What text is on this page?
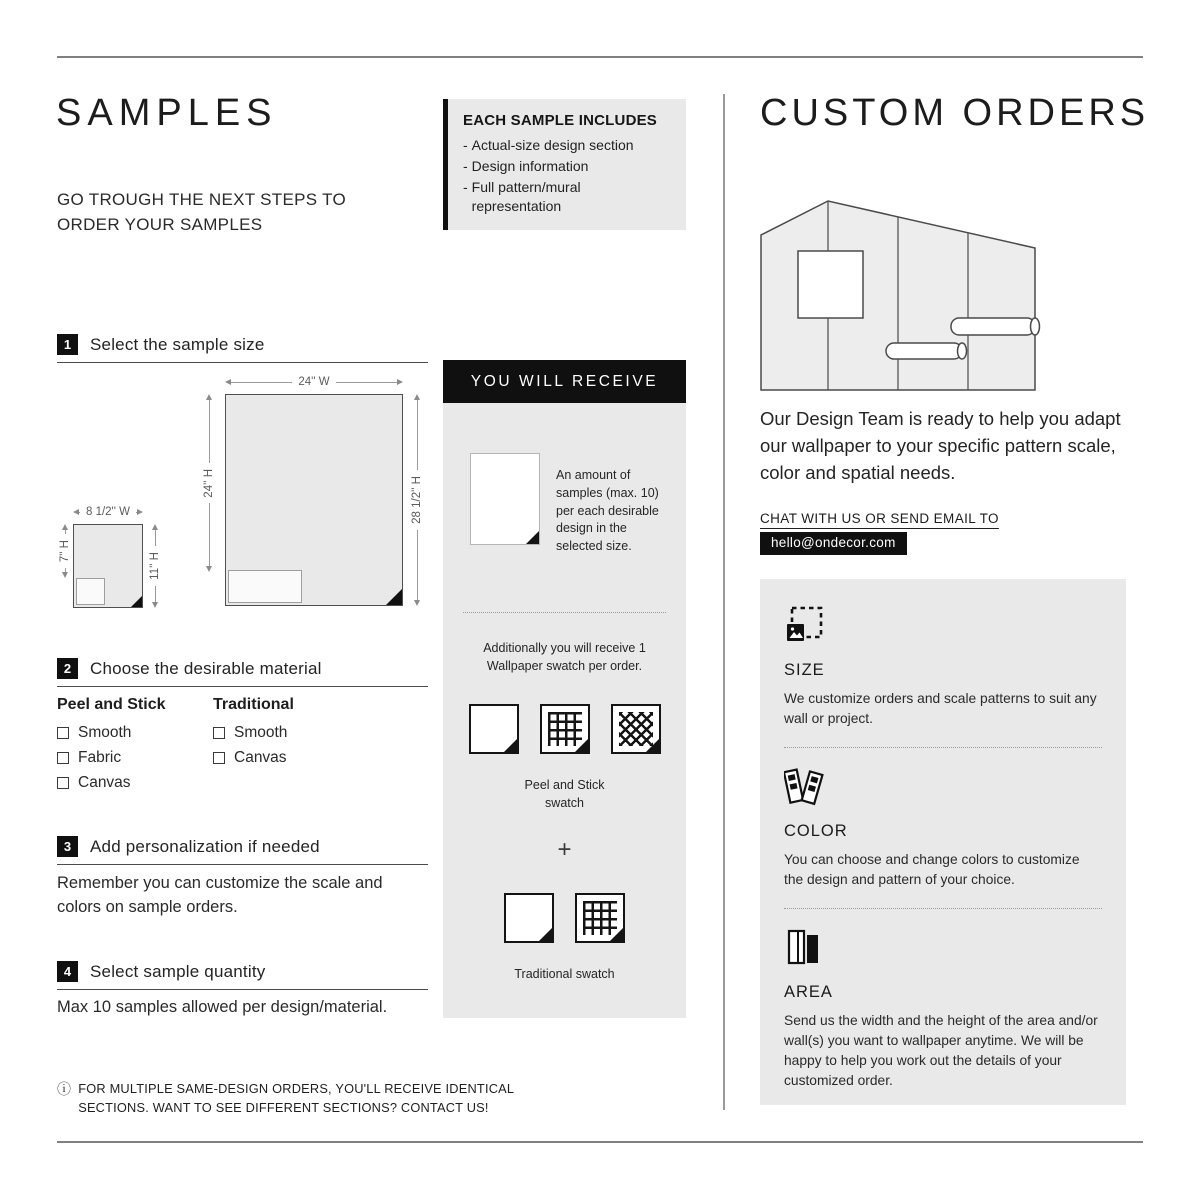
SAMPLES

GO TROUGH THE NEXT STEPS TO ORDER YOUR SAMPLES

1	Select the sample size
24'' W
24'' H	28 1/2'' H
8 1/2'' W
7'' H
11'' H
2	Choose the desirable material
Peel and Stick
Smooth
Fabric
Canvas
Traditional
Smooth
Canvas
3	Add personalization if needed

Remember you can customize the scale and colors on sample orders.

4	Select sample quantity

Max 10 samples allowed per design/material.

ⓘ FOR MULTIPLE SAME-DESIGN ORDERS, YOU'LL RECEIVE IDENTICAL SECTIONS. WANT TO SEE DIFFERENT SECTIONS? CONTACT US!
EACH SAMPLE INCLUDES
- Actual-size design section
- Design information
- Full pattern/mural representation
YOU WILL RECEIVE

An amount of samples (max. 10) per each desirable design in the selected size.

Additionally you will receive 1 Wallpaper swatch per order.

Peel and Stick swatch

+

Traditional swatch

CUSTOM ORDERS

Our Design Team is ready to help you adapt our wallpaper to your specific pattern scale, color and spatial needs.

CHAT WITH US OR SEND EMAIL TO
hello@ondecor.com
SIZE

We customize orders and scale patterns to suit any wall or project.

COLOR

You can choose and change colors to customize the design and pattern of your choice.

AREA

Send us the width and the height of the area and/or wall(s) you want to wallpaper anytime. We will be happy to help you work out the details of your customized order.
